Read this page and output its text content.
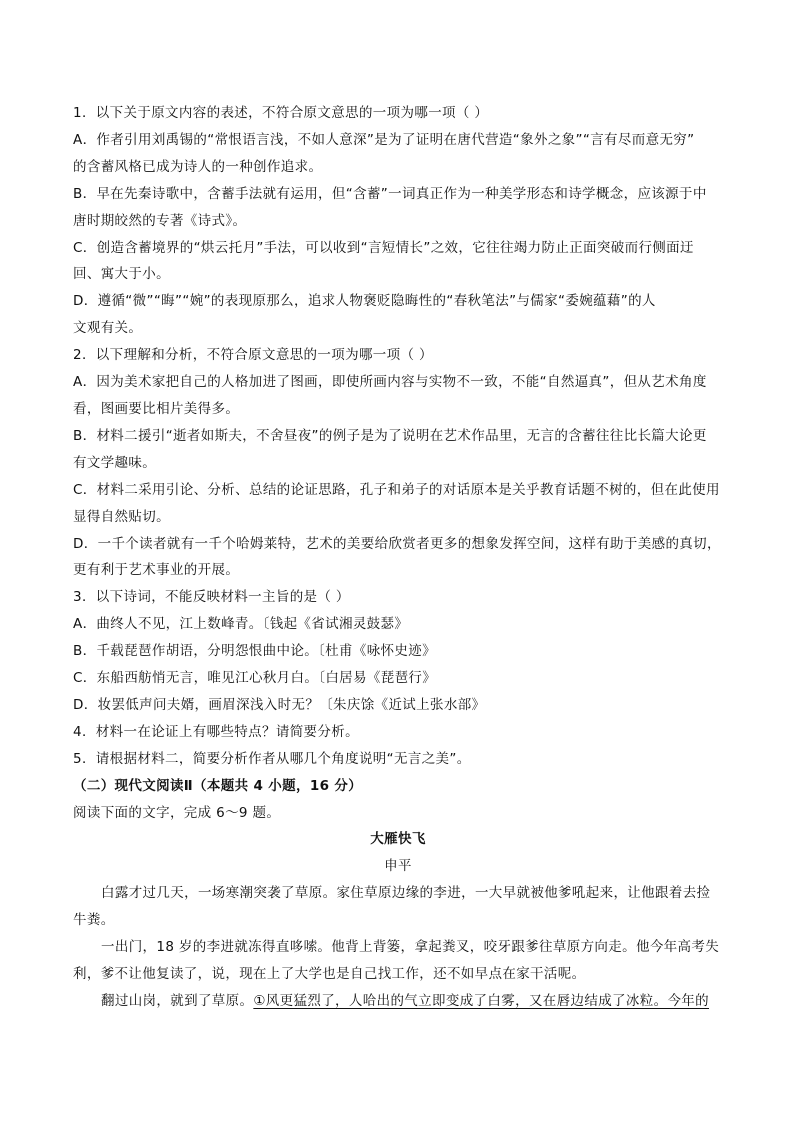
1．以下关于原文内容的表述，不符合原文意思的一项为哪一项（ ）
A．作者引用刘禹锡的“常恨语言浅，不如人意深”是为了证明在唐代营造“象外之象”“言有尽而意无穷”
的含蓄风格已成为诗人的一种创作追求。
B．早在先秦诗歌中，含蓄手法就有运用，但“含蓄”一词真正作为一种美学形态和诗学概念，应该源于中
唐时期皎然的专著《诗式》。
C．创造含蓄境界的“烘云托月”手法，可以收到“言短情长”之效，它往往竭力防止正面突破而行侧面迂
回、寓大于小。
D．遵循“微”“晦”“婉”的表现原那么，追求人物褒贬隐晦性的“春秋笔法”与儒家“委婉蕴藉”的人
文观有关。
2．以下理解和分析，不符合原文意思的一项为哪一项（ ）
A．因为美术家把自己的人格加进了图画，即使所画内容与实物不一致，不能“自然逼真”，但从艺术角度
看，图画要比相片美得多。
B．材料二援引“逝者如斯夫，不舍昼夜”的例子是为了说明在艺术作品里，无言的含蓄往往比长篇大论更
有文学趣味。
C．材料二采用引论、分析、总结的论证思路，孔子和弟子的对话原本是关乎教育话题不树的，但在此使用
显得自然贴切。
D．一千个读者就有一千个哈姆莱特，艺术的美要给欣赏者更多的想象发挥空间，这样有助于美感的真切，
更有利于艺术事业的开展。
3．以下诗词，不能反映材料一主旨的是（ ）
A．曲终人不见，江上数峰青。〔钱起《省试湘灵鼓瑟》
B．千载琵琶作胡语，分明怨恨曲中论。〔杜甫《咏怀史迹》
C．东船西舫悄无言，唯见江心秋月白。〔白居易《琵琶行》
D．妆罢低声问夫婿，画眉深浅入时无？〔朱庆馀《近试上张水部》
4．材料一在论证上有哪些特点？请简要分析。
5．请根据材料二，简要分析作者从哪几个角度说明“无言之美”。
（二）现代文阅读Ⅱ（本题共 4 小题，16 分）
阅读下面的文字，完成 6～9 题。
大雁快飞
申平
白露才过几天，一场寒潮突袭了草原。家住草原边缘的李进，一大早就被他爹吼起来，让他跟着去捡
牛粪。
一出门，18 岁的李进就冻得直哆嗦。他背上背篓，拿起粪叉，咬牙跟爹往草原方向走。他今年高考失
利，爹不让他复读了，说，现在上了大学也是自己找工作，还不如早点在家干活呢。
翻过山岗，就到了草原。①风更猛烈了，人哈出的气立即变成了白雾，又在唇边结成了冰粒。今年的
